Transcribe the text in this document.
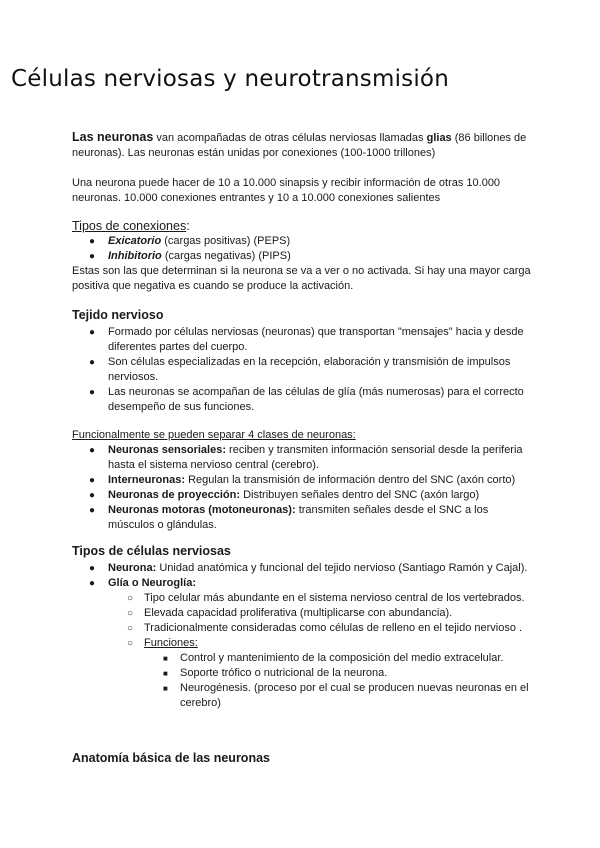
Células nerviosas y neurotransmisión

Las neuronas van acompañadas de otras células nerviosas llamadas glias (86 billones de neuronas). Las neuronas están unidas por conexiones (100-1000 trillones)

Una neurona puede hacer de 10 a 10.000 sinapsis y recibir información de otras 10.000 neuronas. 10.000 conexiones entrantes y 10 a 10.000 conexiones salientes

Tipos de conexiones:

● Exicatorio (cargas positivas) (PEPS)
● Inhibitorio (cargas negativas) (PIPS)

Estas son las que determinan si la neurona se va a ver o no activada. Si hay una mayor carga positiva que negativa es cuando se produce la activación.

Tejido nervioso
● Formado por células nerviosas (neuronas) que transportan "mensajes" hacia y desde diferentes partes del cuerpo.
● Son células especializadas en la recepción, elaboración y transmisión de impulsos nerviosos.
● Las neuronas se acompañan de las células de glía (más numerosas) para el correcto desempeño de sus funciones.

Funcionalmente se pueden separar 4 clases de neuronas:

● Neuronas sensoriales: reciben y transmiten información sensorial desde la periferia hasta el sistema nervioso central (cerebro).
● Interneuronas: Regulan la transmisión de información dentro del SNC (axón corto)
● Neuronas de proyección: Distribuyen señales dentro del SNC (axón largo)
● Neuronas motoras (motoneuronas): transmiten señales desde el SNC a los músculos o glándulas.
Tipos de células nerviosas
● Neurona: Unidad anatómica y funcional del tejido nervioso (Santiago Ramón y Cajal).
● Glía o Neuroglía:
○ Tipo celular más abundante en el sistema nervioso central de los vertebrados.
○ Elevada capacidad proliferativa (multiplicarse con abundancia).
○ Tradicionalmente consideradas como células de relleno en el tejido nervioso .
○ Funciones:
■ Control y mantenimiento de la composición del medio extracelular.
■ Soporte trófico o nutricional de la neurona.
■ Neurogénesis. (proceso por el cual se producen nuevas neuronas en el cerebro)
Anatomía básica de las neuronas
